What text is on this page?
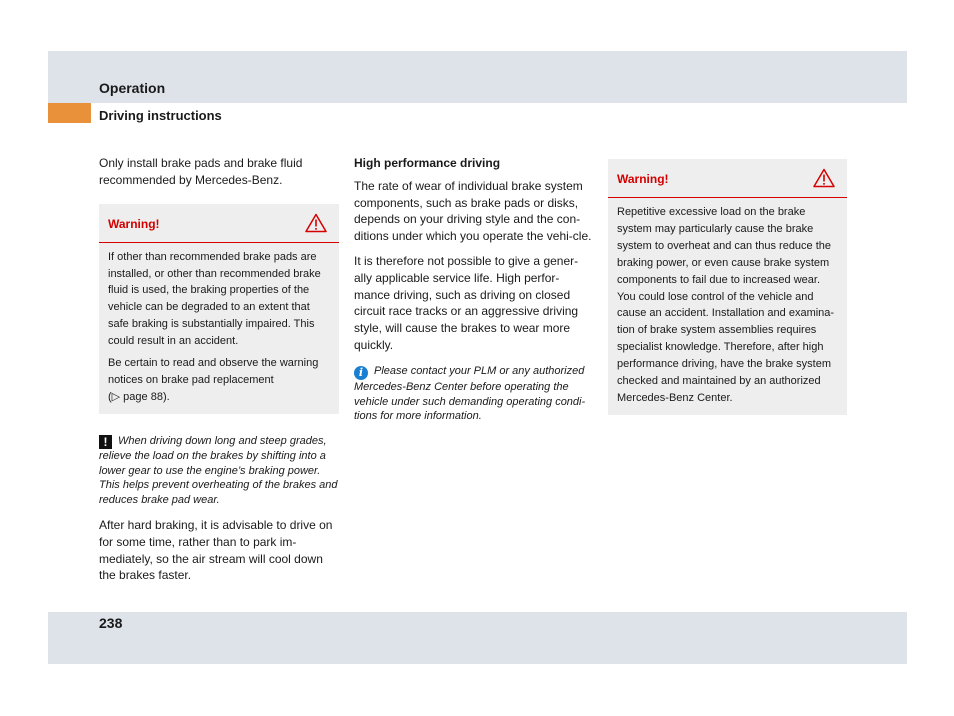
Operation
Driving instructions

Only install brake pads and brake fluid recommended by Mercedes-Benz.

Warning!

If other than recommended brake pads are installed, or other than recommended brake fluid is used, the braking properties of the vehicle can be degraded to an extent that safe braking is substantially impaired. This could result in an accident.

Be certain to read and observe the warning notices on brake pad replacement
(▷ page 88).

! When driving down long and steep grades, relieve the load on the brakes by shifting into a lower gear to use the engine’s braking power. This helps prevent overheating of the brakes and reduces brake pad wear.

After hard braking, it is advisable to drive on for some time, rather than to park im-mediately, so the air stream will cool down the brakes faster.

High performance driving

The rate of wear of individual brake system components, such as brake pads or disks, depends on your driving style and the con-ditions under which you operate the vehi-cle.

It is therefore not possible to give a gener-ally applicable service life. High perfor-mance driving, such as driving on closed circuit race tracks or an aggressive driving style, will cause the brakes to wear more quickly.

i Please contact your PLM or any authorized Mercedes-Benz Center before operating the vehicle under such demanding operating condi-tions for more information.

Warning!

Repetitive excessive load on the brake system may particularly cause the brake system to overheat and can thus reduce the braking power, or even cause brake system components to fail due to increased wear. You could lose control of the vehicle and cause an accident. Installation and examina-tion of brake system assemblies requires specialist knowledge. Therefore, after high performance driving, have the brake system checked and maintained by an authorized Mercedes-Benz Center.

238
